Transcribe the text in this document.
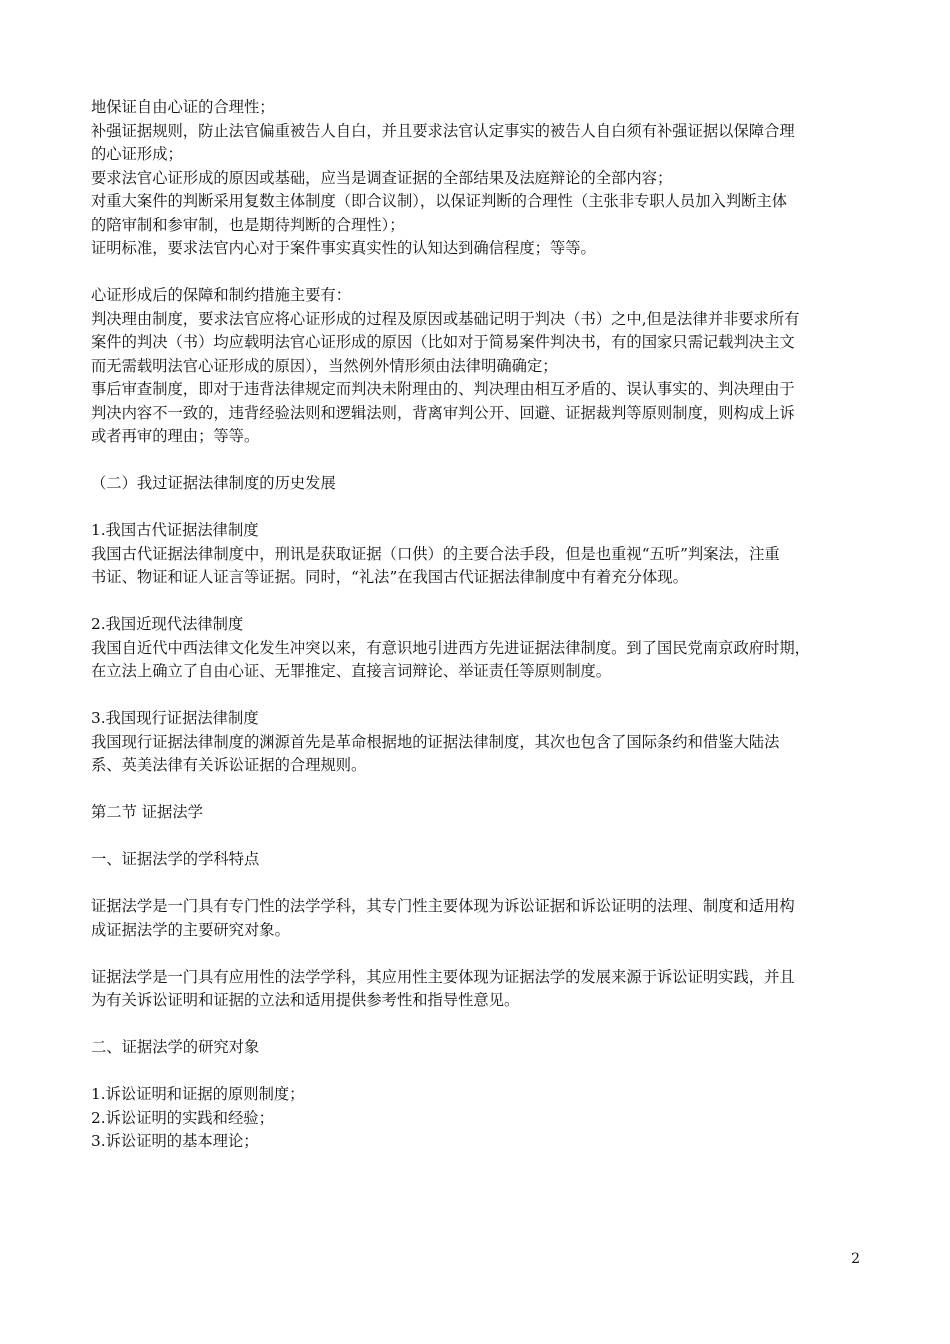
地保证自由心证的合理性；
补强证据规则，防止法官偏重被告人自白，并且要求法官认定事实的被告人自白须有补强证据以保障合理
的心证形成；
要求法官心证形成的原因或基础，应当是调查证据的全部结果及法庭辩论的全部内容；
对重大案件的判断采用复数主体制度（即合议制），以保证判断的合理性（主张非专职人员加入判断主体
的陪审制和参审制，也是期待判断的合理性）；
证明标准，要求法官内心对于案件事实真实性的认知达到确信程度；等等。
心证形成后的保障和制约措施主要有：
判决理由制度，要求法官应将心证形成的过程及原因或基础记明于判决（书）之中,但是法律并非要求所有
案件的判决（书）均应载明法官心证形成的原因（比如对于简易案件判决书，有的国家只需记载判决主文
而无需载明法官心证形成的原因），当然例外情形须由法律明确确定；
事后审查制度，即对于违背法律规定而判决未附理由的、判决理由相互矛盾的、误认事实的、判决理由于
判决内容不一致的，违背经验法则和逻辑法则，背离审判公开、回避、证据裁判等原则制度，则构成上诉
或者再审的理由；等等。
（二）我过证据法律制度的历史发展
1.我国古代证据法律制度
我国古代证据法律制度中，刑讯是获取证据（口供）的主要合法手段，但是也重视“五听”判案法，注重
书证、物证和证人证言等证据。同时，“礼法”在我国古代证据法律制度中有着充分体现。
2.我国近现代法律制度
我国自近代中西法律文化发生冲突以来，有意识地引进西方先进证据法律制度。到了国民党南京政府时期，
在立法上确立了自由心证、无罪推定、直接言词辩论、举证责任等原则制度。
3.我国现行证据法律制度
我国现行证据法律制度的渊源首先是革命根据地的证据法律制度，其次也包含了国际条约和借鉴大陆法
系、英美法律有关诉讼证据的合理规则。
第二节 证据法学
一、证据法学的学科特点
证据法学是一门具有专门性的法学学科，其专门性主要体现为诉讼证据和诉讼证明的法理、制度和适用构
成证据法学的主要研究对象。
证据法学是一门具有应用性的法学学科，其应用性主要体现为证据法学的发展来源于诉讼证明实践，并且
为有关诉讼证明和证据的立法和适用提供参考性和指导性意见。
二、证据法学的研究对象
1.诉讼证明和证据的原则制度；
2.诉讼证明的实践和经验；
3.诉讼证明的基本理论；
2
